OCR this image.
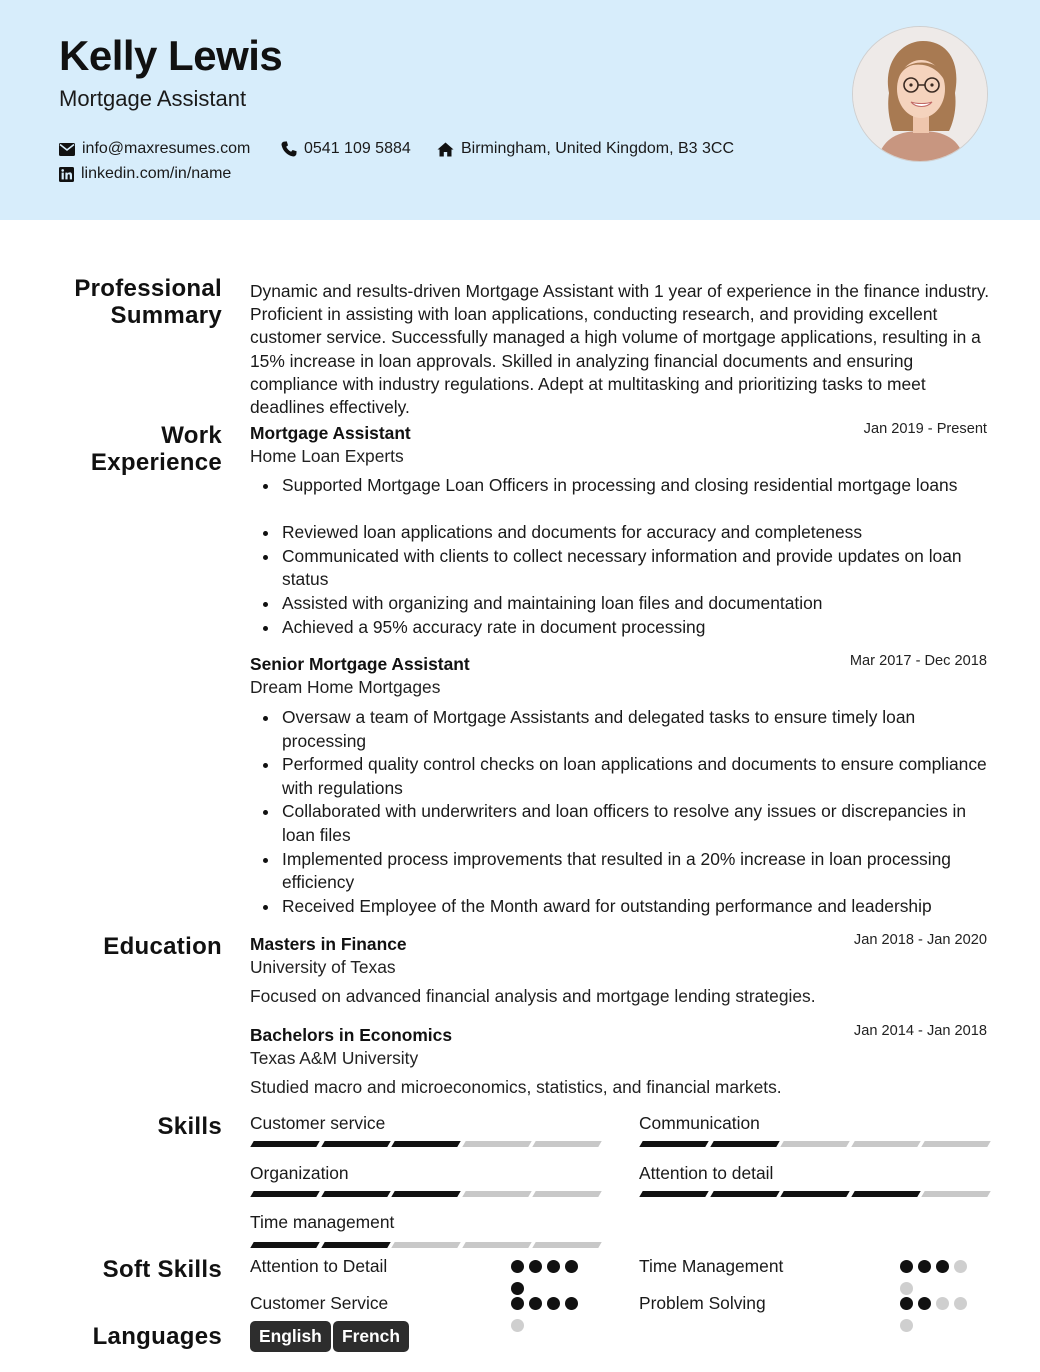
Kelly Lewis
Mortgage Assistant
info@maxresumes.com	0541 109 5884	Birmingham, United Kingdom, B3 3CC
linkedin.com/in/name
Professional
Summary
Dynamic and results-driven Mortgage Assistant with 1 year of experience in the finance industry. Proficient in assisting with loan applications, conducting research, and providing excellent customer service. Successfully managed a high volume of mortgage applications, resulting in a 15% increase in loan approvals. Skilled in analyzing financial documents and ensuring compliance with industry regulations. Adept at multitasking and prioritizing tasks to meet deadlines effectively.
Work
Experience
Mortgage Assistant	Jan 2019 - Present
Home Loan Experts
Supported Mortgage Loan Officers in processing and closing residential mortgage loans
Reviewed loan applications and documents for accuracy and completeness
Communicated with clients to collect necessary information and provide updates on loan status
Assisted with organizing and maintaining loan files and documentation
Achieved a 95% accuracy rate in document processing
Senior Mortgage Assistant	Mar 2017 - Dec 2018
Dream Home Mortgages
Oversaw a team of Mortgage Assistants and delegated tasks to ensure timely loan processing
Performed quality control checks on loan applications and documents to ensure compliance with regulations
Collaborated with underwriters and loan officers to resolve any issues or discrepancies in loan files
Implemented process improvements that resulted in a 20% increase in loan processing efficiency
Received Employee of the Month award for outstanding performance and leadership
Education Masters in Finance	Jan 2018 - Jan 2020
University of Texas
Focused on advanced financial analysis and mortgage lending strategies.
Bachelors in Economics	Jan 2014 - Jan 2018
Texas A&M University
Studied macro and microeconomics, statistics, and financial markets.
Skills Customer service	Communication
Organization	Attention to detail
Time management
Soft Skills Attention to Detail	Time Management
Customer Service	Problem Solving
Languages	English	French
